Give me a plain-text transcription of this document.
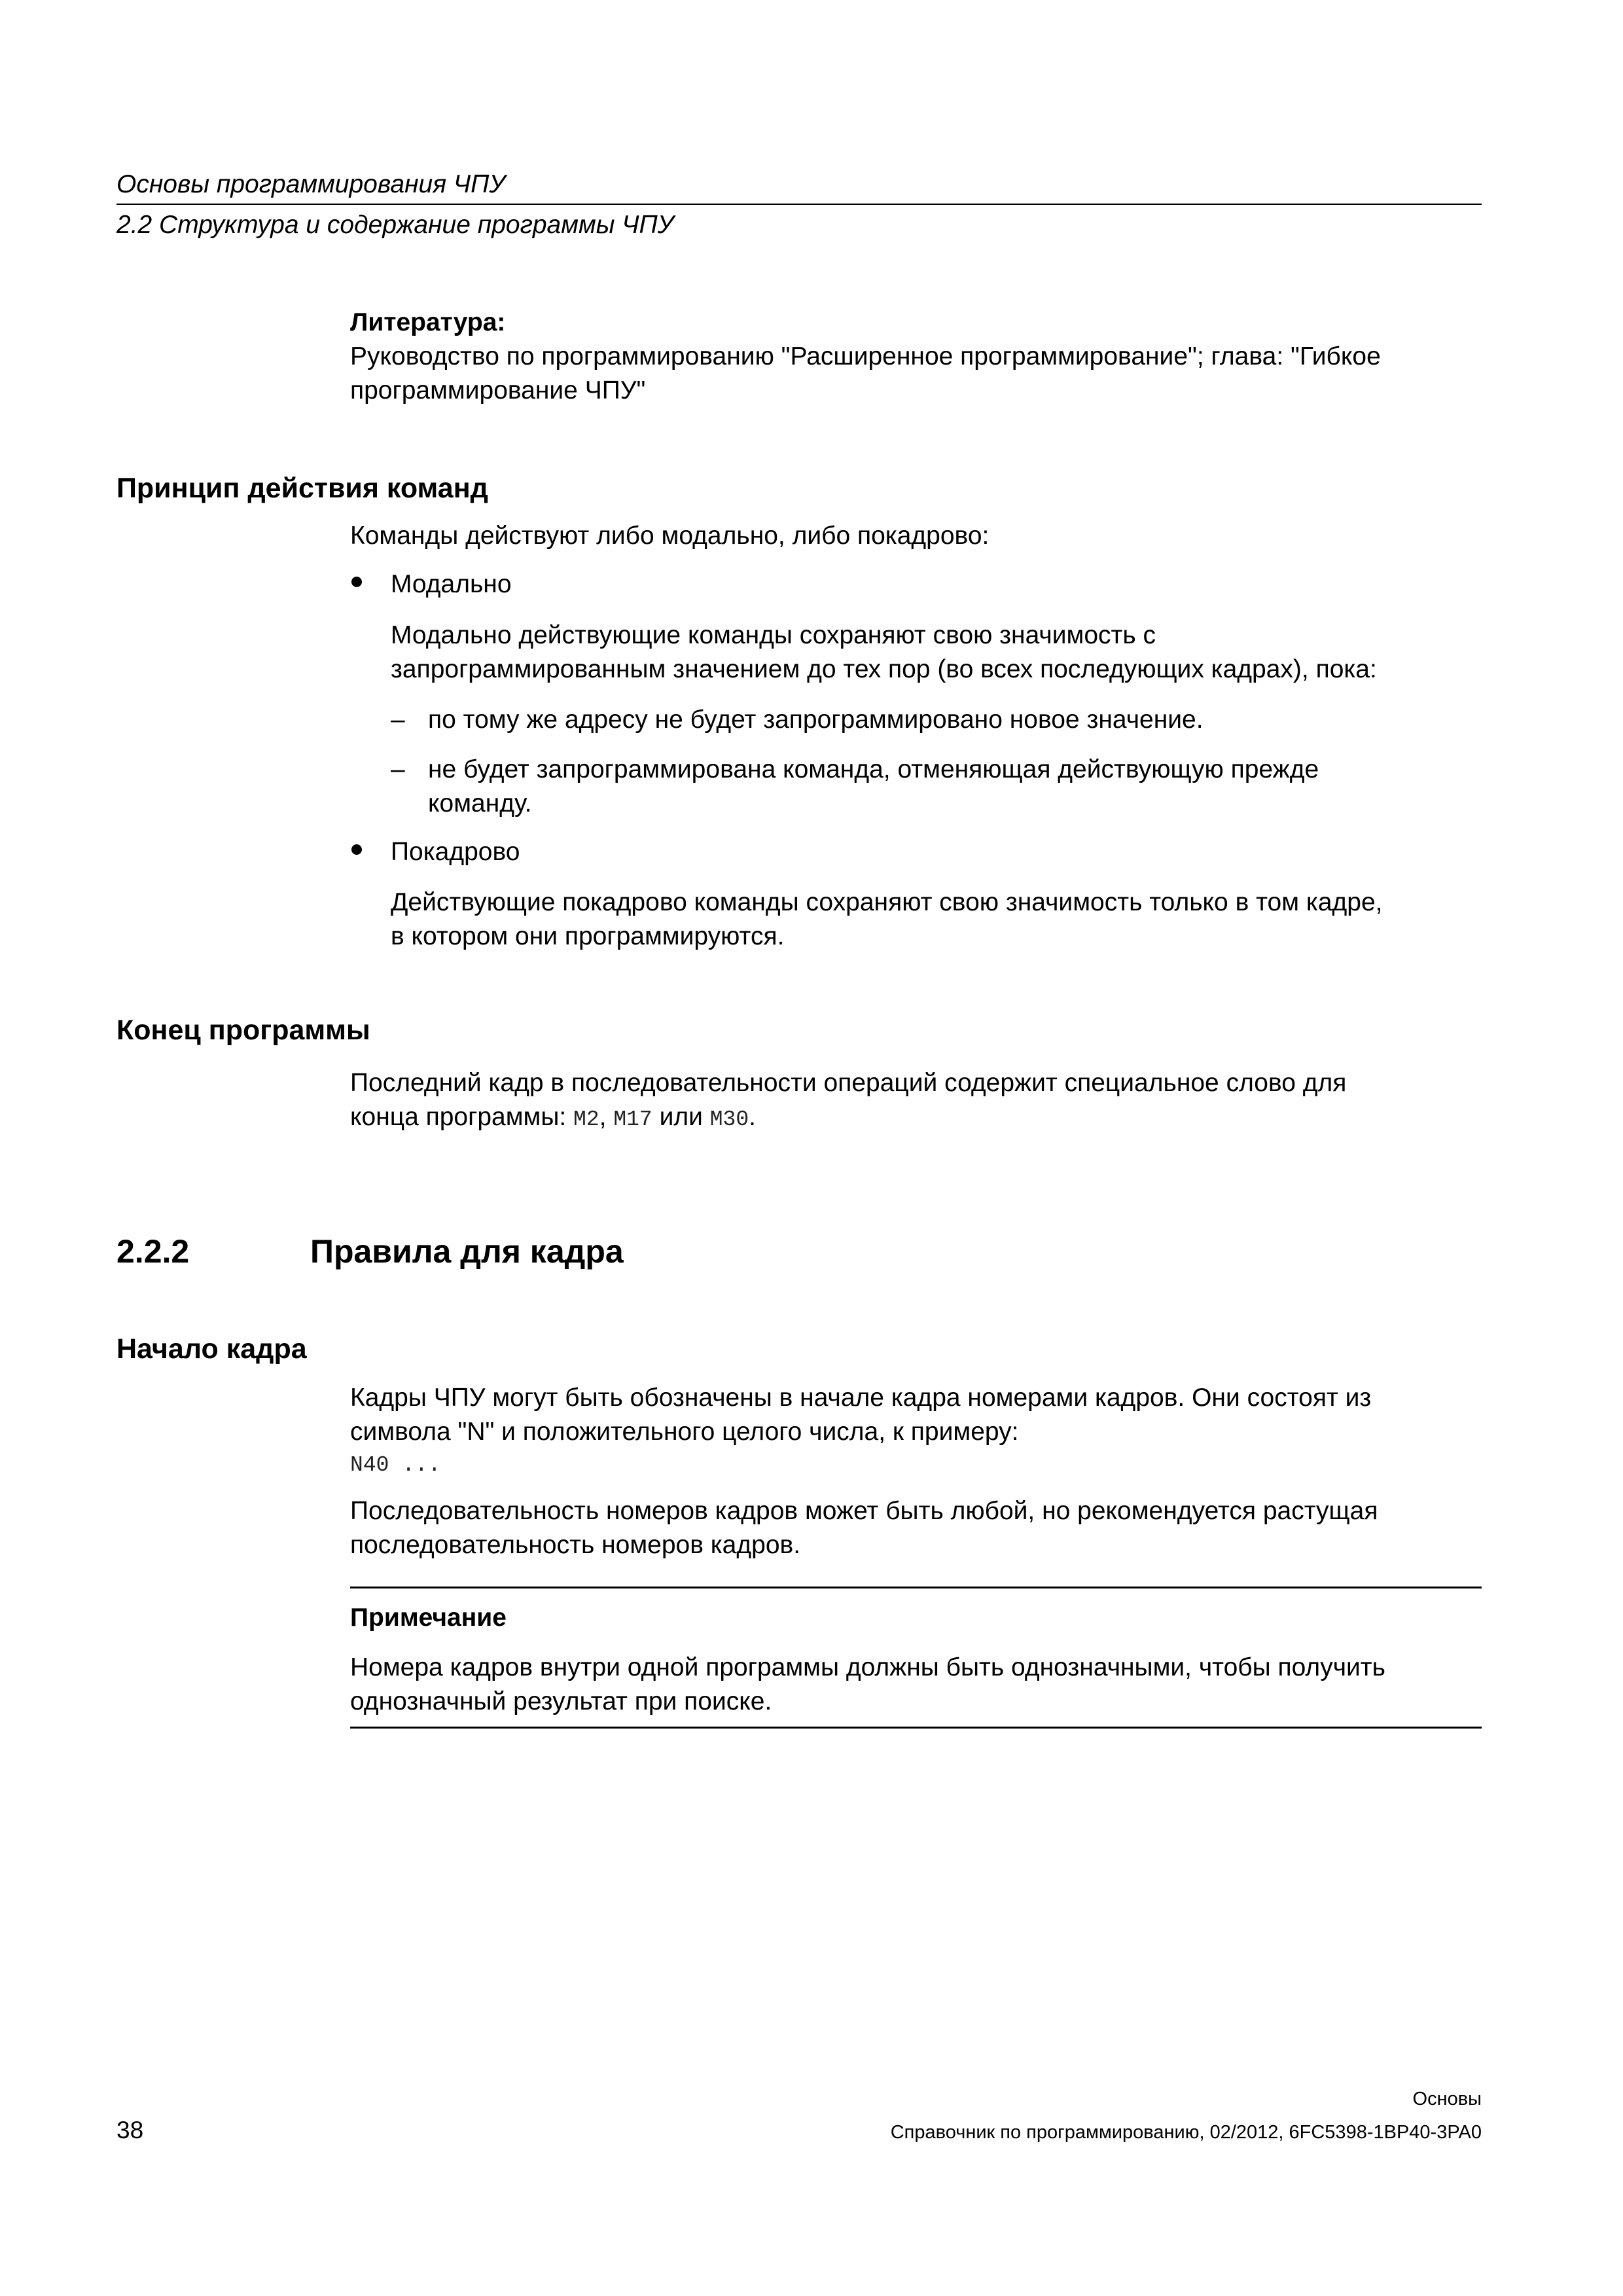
Основы программирования ЧПУ
2.2 Структура и содержание программы ЧПУ
Литература:
Руководство по программированию "Расширенное программирование"; глава: "Гибкое
программирование ЧПУ"
Принцип действия команд
Команды действуют либо модально, либо покадрово:
Модально
Модально действующие команды сохраняют свою значимость с
запрограммированным значением до тех пор (во всех последующих кадрах), пока:
– по тому же адресу не будет запрограммировано новое значение.
– не будет запрограммирована команда, отменяющая действующую прежде
команду.
Покадрово
Действующие покадрово команды сохраняют свою значимость только в том кадре,
в котором они программируются.
Конец программы
Последний кадр в последовательности операций содержит специальное слово для
конца программы: M2, M17 или M30.
2.2.2	Правила для кадра
Начало кадра
Кадры ЧПУ могут быть обозначены в начале кадра номерами кадров. Они состоят из
символа "N" и положительного целого числа, к примеру:
N40 ...
Последовательность номеров кадров может быть любой, но рекомендуется растущая
последовательность номеров кадров.
Примечание
Номера кадров внутри одной программы должны быть однозначными, чтобы получить
однозначный результат при поиске.
Основы
38	Справочник по программированию, 02/2012, 6FC5398-1BP40-3PA0
